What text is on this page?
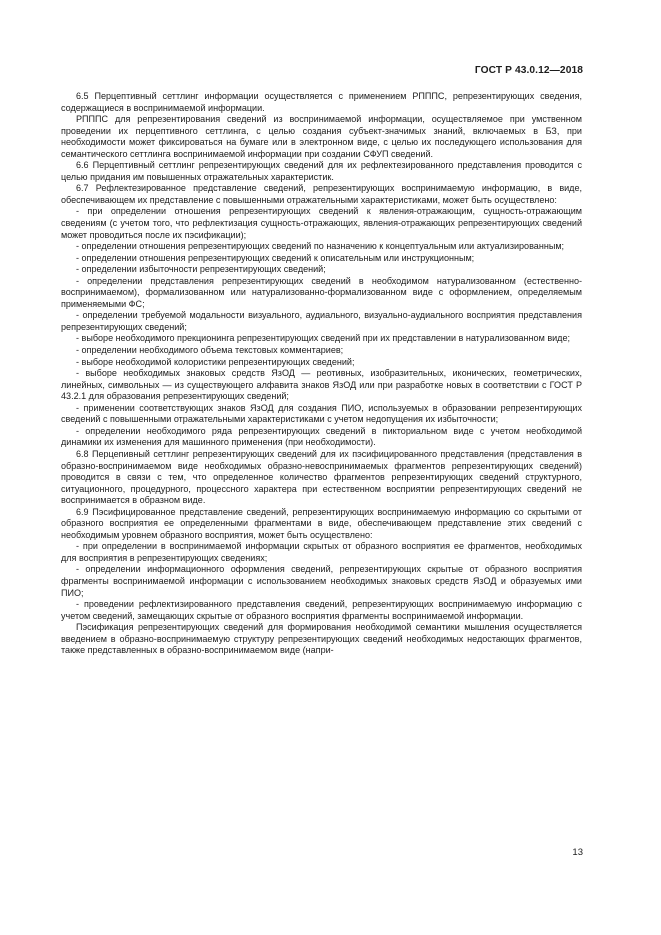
ГОСТ Р 43.0.12—2018

6.5 Перцептивный сеттлинг информации осуществляется с применением РПППС, репрезентирующих сведения, содержащиеся в воспринимаемой информации.

РПППС для репрезентирования сведений из воспринимаемой информации, осуществляемое при умственном проведении их перцептивного сеттлинга, с целью создания субъект-значимых знаний, включаемых в БЗ, при необходимости может фиксироваться на бумаге или в электронном виде, с целью их последующего использования для семантического сеттлинга воспринимаемой информации при создании СФУП сведений.

6.6 Перцептивный сеттлинг репрезентирующих сведений для их рефлектезированного представления проводится с целью придания им повышенных отражательных характеристик.

6.7 Рефлектезированное представление сведений, репрезентирующих воспринимаемую информацию, в виде, обеспечивающем их представление с повышенными отражательными характеристиками, может быть осуществлено:

- при определении отношения репрезентирующих сведений к явления-отражающим, сущность-отражающим сведениям (с учетом того, что рефлектизация сущность-отражающих, явления-отражающих репрезентирующих сведений может проводиться после их пэсификации);

- определении отношения репрезентирующих сведений по назначению к концептуальным или актуализированным;

- определении отношения репрезентирующих сведений к описательным или инструкционным;

- определении избыточности репрезентирующих сведений;

- определении представления репрезентирующих сведений в необходимом натурализованном (естественно-воспринимаемом), формализованном или натурализованно-формализованном виде с оформлением, определяемым применяемыми ФС;

- определении требуемой модальности визуального, аудиального, визуально-аудиального восприятия представления репрезентирующих сведений;

- выборе необходимого прекционинга репрезентирующих сведений при их представлении в натурализованном виде;

- определении необходимого объема текстовых комментариев;

- выборе необходимой колористики репрезентирующих сведений;

- выборе необходимых знаковых средств ЯзОД — реотивных, изобразительных, иконических, геометрических, линейных, символьных — из существующего алфавита знаков ЯзОД или при разработке новых в соответствии с ГОСТ Р 43.2.1 для образования репрезентирующих сведений;

- применении соответствующих знаков ЯзОД для создания ПИО, используемых в образовании репрезентирующих сведений с повышенными отражательными характеристиками с учетом недопущения их избыточности;

- определении необходимого ряда репрезентирующих сведений в пикториальном виде с учетом необходимой динамики их изменения для машинного применения (при необходимости).

6.8 Перцепивный сеттлинг репрезентирующих сведений для их пэсифицированного представления (представления в образно-воспринимаемом виде необходимых образно-невоспринимаемых фрагментов репрезентирующих сведений) проводится в связи с тем, что определенное количество фрагментов репрезентирующих сведений структурного, ситуационного, процедурного, процессного характера при естественном восприятии репрезентирующих сведений не воспринимается в образном виде.

6.9 Пэсифицированное представление сведений, репрезентирующих воспринимаемую информацию со скрытыми от образного восприятия ее определенными фрагментами в виде, обеспечивающем представление этих сведений с необходимым уровнем образного восприятия, может быть осуществлено:

- при определении в воспринимаемой информации скрытых от образного восприятия ее фрагментов, необходимых для восприятия в репрезентирующих сведениях;

- определении информационного оформления сведений, репрезентирующих скрытые от образного восприятия фрагменты воспринимаемой информации с использованием необходимых знаковых средств ЯзОД и образуемых ими ПИО;

- проведении рефлектизированного представления сведений, репрезентирующих воспринимаемую информацию с учетом сведений, замещающих скрытые от образного восприятия фрагменты воспринимаемой информации.

Пэсификация репрезентирующих сведений для формирования необходимой семантики мышления осуществляется введением в образно-воспринимаемую структуру репрезентирующих сведений необходимых недостающих фрагментов, также представленных в образно-воспринимаемом виде (напри-

13
